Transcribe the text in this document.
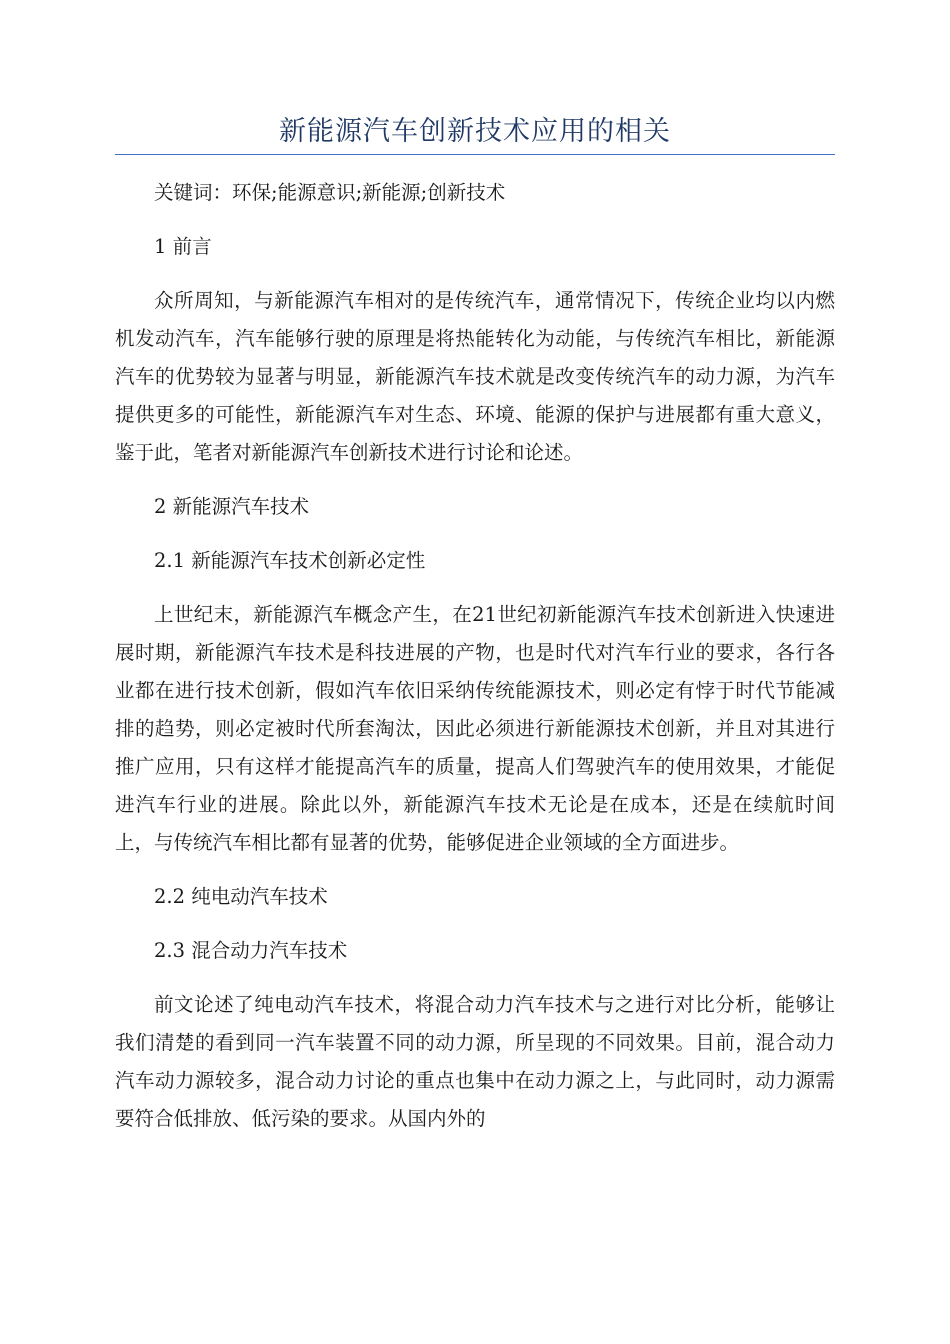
新能源汽车创新技术应用的相关

关键词：环保;能源意识;新能源;创新技术

1 前言

众所周知，与新能源汽车相对的是传统汽车，通常情况下，传统企业均以内燃机发动汽车，汽车能够行驶的原理是将热能转化为动能，与传统汽车相比，新能源汽车的优势较为显著与明显，新能源汽车技术就是改变传统汽车的动力源，为汽车提供更多的可能性，新能源汽车对生态、环境、能源的保护与进展都有重大意义，鉴于此，笔者对新能源汽车创新技术进行讨论和论述。

2 新能源汽车技术

2.1 新能源汽车技术创新必定性

上世纪末，新能源汽车概念产生，在21世纪初新能源汽车技术创新进入快速进展时期，新能源汽车技术是科技进展的产物，也是时代对汽车行业的要求，各行各业都在进行技术创新，假如汽车依旧采纳传统能源技术，则必定有悖于时代节能减排的趋势，则必定被时代所套淘汰，因此必须进行新能源技术创新，并且对其进行推广应用，只有这样才能提高汽车的质量，提高人们驾驶汽车的使用效果，才能促进汽车行业的进展。除此以外，新能源汽车技术无论是在成本，还是在续航时间上，与传统汽车相比都有显著的优势，能够促进企业领域的全方面进步。

2.2 纯电动汽车技术

2.3 混合动力汽车技术

前文论述了纯电动汽车技术，将混合动力汽车技术与之进行对比分析，能够让我们清楚的看到同一汽车装置不同的动力源，所呈现的不同效果。目前，混合动力汽车动力源较多，混合动力讨论的重点也集中在动力源之上，与此同时，动力源需要符合低排放、低污染的要求。从国内外的
